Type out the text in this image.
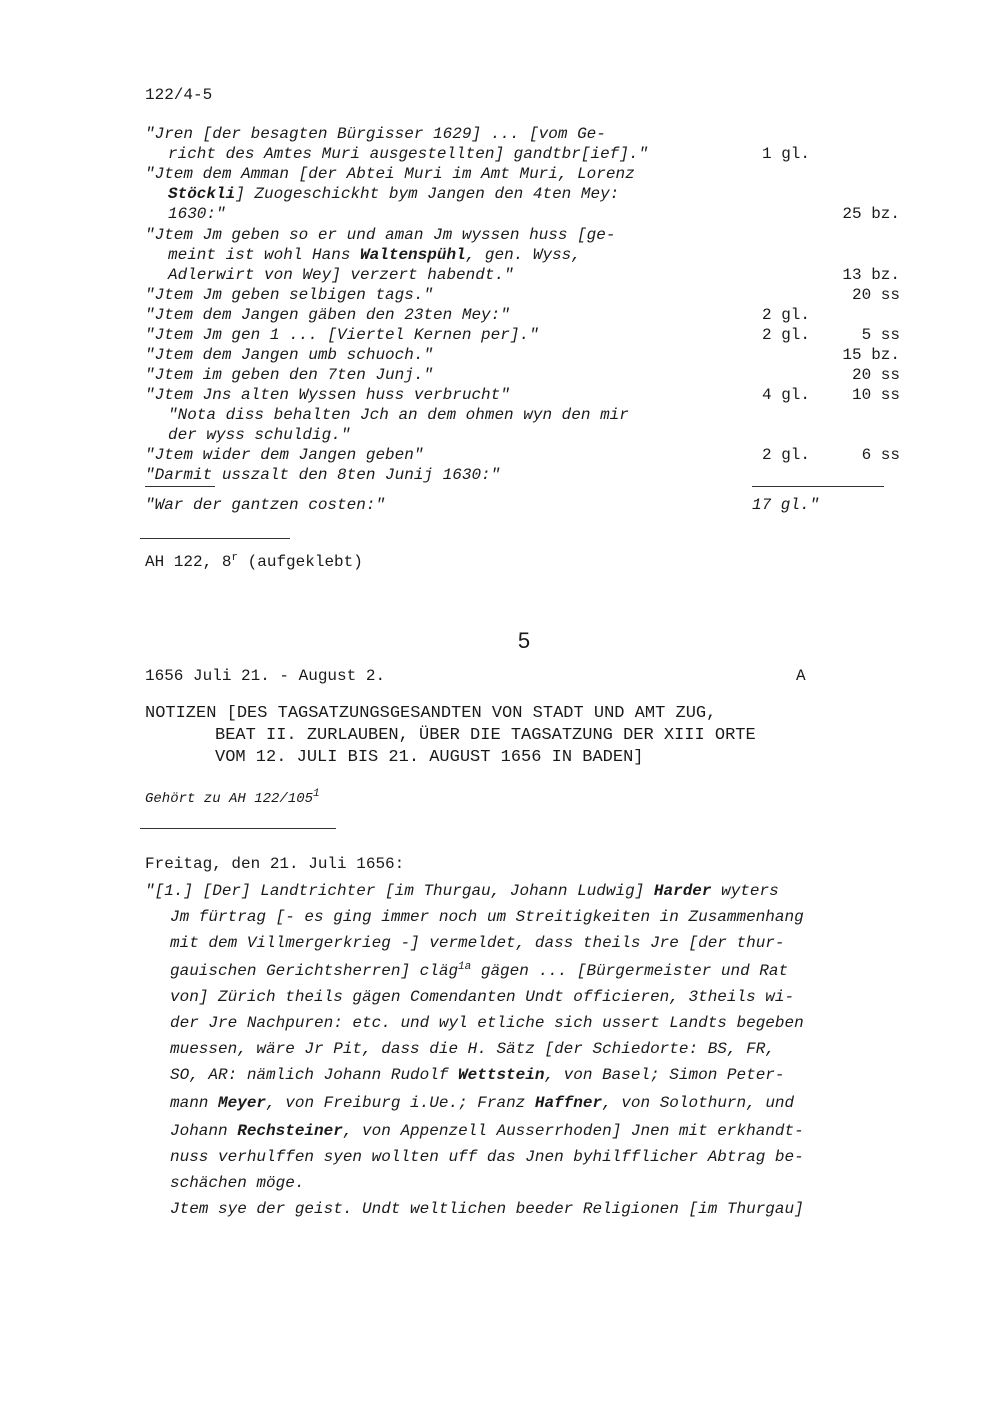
122/4-5
"Jren [der besagten Bürgisser 1629] ... [vom Ge-
richt des Amtes Muri ausgestellten] gandtbr[ief]."	1 gl.
"Jtem dem Amman [der Abtei Muri im Amt Muri, Lorenz
Stöckli] Zuogeschickht bym Jangen den 4ten Mey:
1630:"	25 bz.
"Jtem Jm geben so er und aman Jm wyssen huss [ge-
meint ist wohl Hans Waltenspühl, gen. Wyss,
Adlerwirt von Wey] verzert habendt."	13 bz.
"Jtem Jm geben selbigen tags."	20 ss
"Jtem dem Jangen gäben den 23ten Mey:"	2 gl.
"Jtem Jm gen 1 ... [Viertel Kernen per]."	2 gl.	5 ss
"Jtem dem Jangen umb schuoch."	15 bz.
"Jtem im geben den 7ten Junj."	20 ss
"Jtem Jns alten Wyssen huss verbrucht"	4 gl.	10 ss
"Nota diss behalten Jch an dem ohmen wyn den mir
der wyss schuldig."
"Jtem wider dem Jangen geben"	2 gl.	6 ss
"Darmit usszalt den 8ten Junij 1630:"
"War der gantzen costen:"	17 gl."
AH 122, 8$^r$ (aufgeklebt)
5
1656 Juli 21. - August 2.	A
NOTIZEN [DES TAGSATZUNGSGESANDTEN VON STADT UND AMT ZUG,
BEAT II. ZURLAUBEN, ÜBER DIE TAGSATZUNG DER XIII ORTE
VOM 12. JULI BIS 21. AUGUST 1656 IN BADEN]
Gehört zu AH $122/105^1$
Freitag, den 21. Juli 1656:
"[1.] [Der] Landtrichter [im Thurgau, Johann Ludwig] Harder wyters
Jm fürtrag [- es ging immer noch um Streitigkeiten in Zusammenhang
mit dem Villmergerkrieg -] vermeldet, dass theils Jre [der thur-
gauischen Gerichtsherren] cläg$^{1a}$ gägen ... [Bürgermeister und Rat
von] Zürich theils gägen Comendanten Undt officieren, 3theils wi-
der Jre Nachpuren: etc. und wyl etliche sich ussert Landts begeben
muessen, wäre Jr Pit, dass die H. Sätz [der Schiedorte: BS, FR,
SO, AR: nämlich Johann Rudolf Wettstein, von Basel; Simon Peter-
mann Meyer, von Freiburg i.Ue.; Franz Haffner, von Solothurn, und
Johann Rechsteiner, von Appenzell Ausserrhoden] Jnen mit erkhandt-
nuss verhulffen syen wollten uff das Jnen byhilfflicher Abtrag be-
schächen möge.
Jtem sye der geist. Undt weltlichen beeder Religionen [im Thurgau]
